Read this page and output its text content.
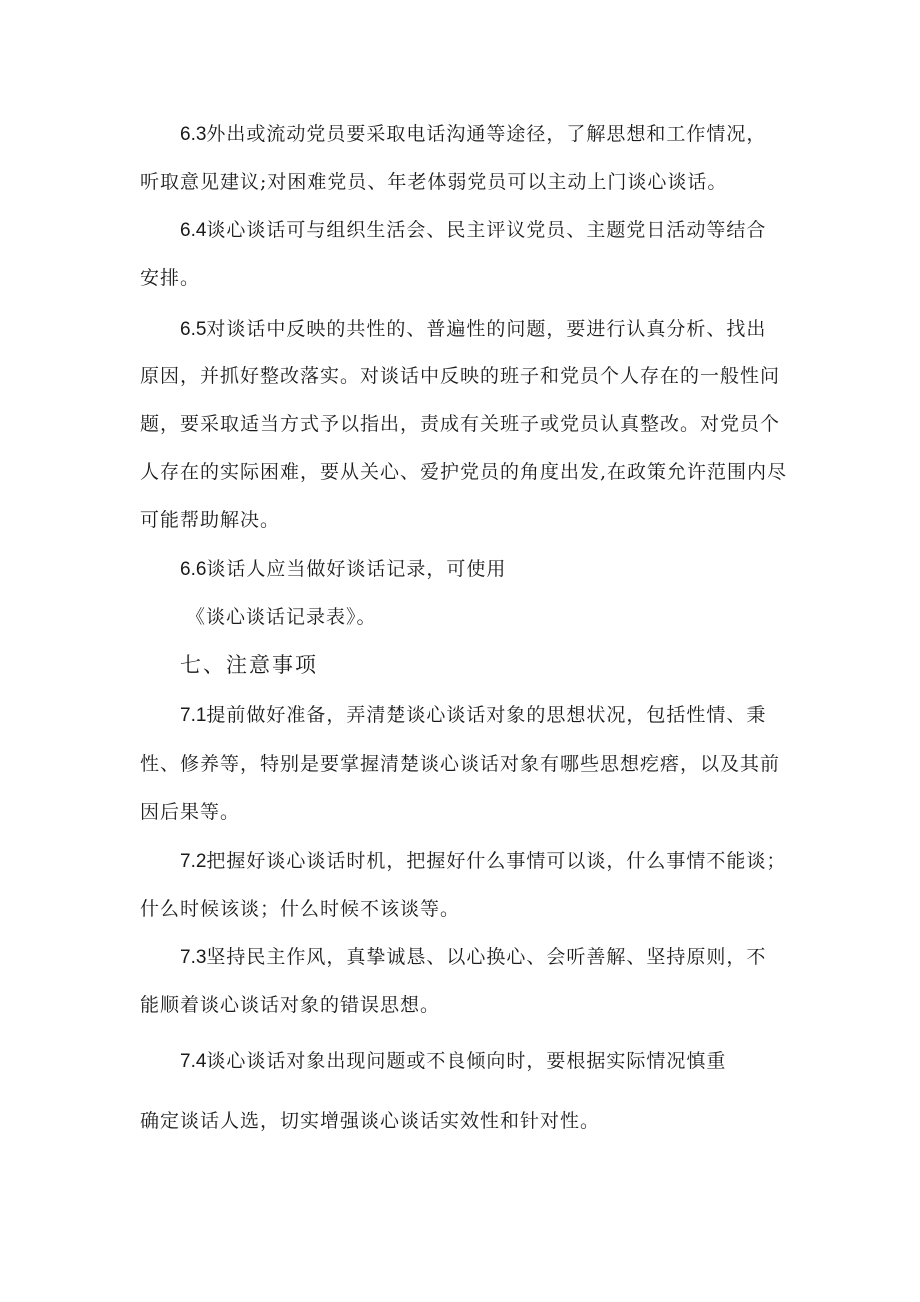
6.3外出或流动党员要采取电话沟通等途径，了解思想和工作情况，
听取意见建议;对困难党员、年老体弱党员可以主动上门谈心谈话。
6.4谈心谈话可与组织生活会、民主评议党员、主题党日活动等结合
安排。
6.5对谈话中反映的共性的、普遍性的问题，要进行认真分析、找出
原因，并抓好整改落实。对谈话中反映的班子和党员个人存在的一般性问
题，要采取适当方式予以指出，责成有关班子或党员认真整改。对党员个
人存在的实际困难，要从关心、爱护党员的角度出发,在政策允许范围内尽
可能帮助解决。
6.6谈话人应当做好谈话记录，可使用
《谈心谈话记录表》。
七、注意事项
7.1提前做好准备，弄清楚谈心谈话对象的思想状况，包括性情、秉
性、修养等，特别是要掌握清楚谈心谈话对象有哪些思想疙瘩，以及其前
因后果等。
7.2把握好谈心谈话时机，把握好什么事情可以谈，什么事情不能谈；
什么时候该谈；什么时候不该谈等。
7.3坚持民主作风，真挚诚恳、以心换心、会听善解、坚持原则，不
能顺着谈心谈话对象的错误思想。
7.4谈心谈话对象出现问题或不良倾向时，要根据实际情况慎重
确定谈话人选，切实增强谈心谈话实效性和针对性。
